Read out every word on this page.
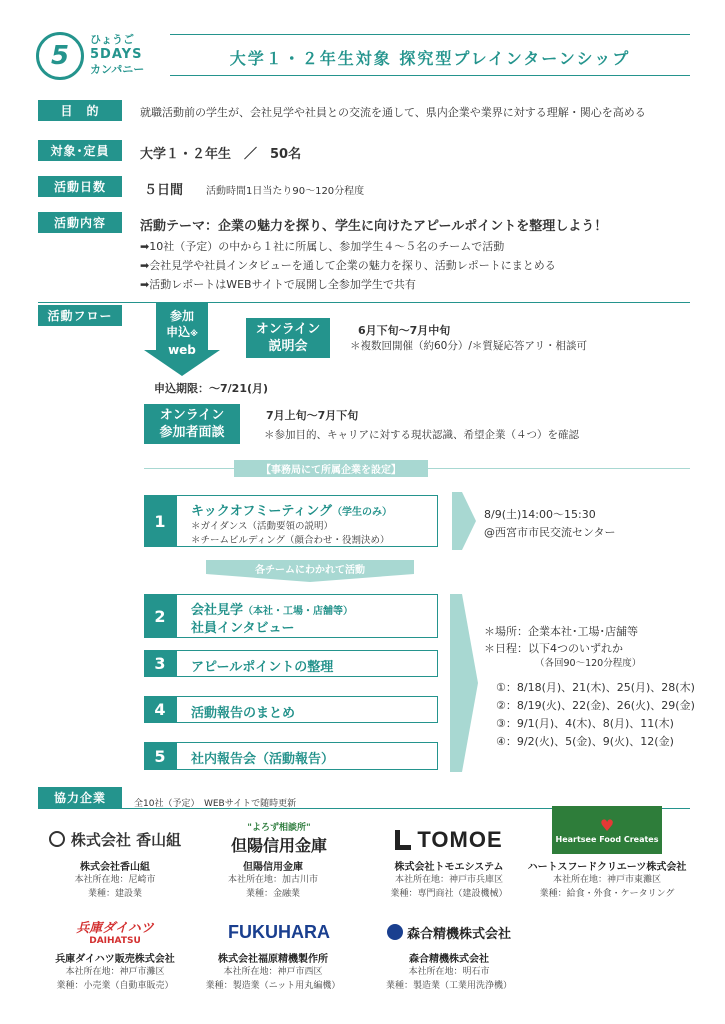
5
ひょうご
5DAYS
カンパニー
大学１・２年生対象 探究型プレインターンシップ
目　的	就職活動前の学生が、会社見学や社員との交流を通して、県内企業や業界に対する理解・関心を高める
対象･定員	大学１・２年生　／　50名
活動日数	５日間 活動時間1日当たり90～120分程度
活動内容	活動テーマ：企業の魅力を探り、学生に向けたアピールポイントを整理しよう！
➡10社（予定）の中から１社に所属し、参加学生４～５名のチームで活動
➡会社見学や社員インタビューを通して企業の魅力を探り、活動レポートにまとめる
➡活動レポートはWEBサイトで展開し全参加学生で共有
活動フロー	参加
申込※
web
オンライン
説明会
6月下旬～7月中旬
＊複数回開催（約60分）/＊質疑応答アリ・相談可
申込期限：～7/21(月)
オンライン
参加者面談
7月上旬～7月下旬
＊参加目的、キャリアに対する現状認識、希望企業（４つ）を確認
【事務局にて所属企業を設定】
1	キックオフミーティング（学生のみ）
＊ガイダンス（活動要領の説明）
＊チームビルディング（顔合わせ・役割決め）
8/9(土)14:00～15:30
@西宮市市民交流センター
各チームにわかれて活動
2	会社見学（本社・工場・店舗等）
社員インタビュー
3	アピールポイントの整理
4	活動報告のまとめ
5	社内報告会（活動報告）
＊場所：企業本社･工場･店舗等
＊日程：以下4つのいずれか
（各回90～120分程度）
①：8/18(月)、21(木)、25(月)、28(木)
②：8/19(火)、22(金)、26(火)、29(金)
③：9/1(月)、4(木)、8(月)、11(木)
④：9/2(火)、5(金)、9(火)、12(金)
協力企業	全10社（予定）　WEBサイトで随時更新
株式会社 香山組
"よろず相談所"
但陽信用金庫	TOMOE
♥
Heartsee Food Creates
株式会社香山組
本社所在地：尼崎市
業種：建設業
但陽信用金庫
本社所在地：加古川市
業種：金融業
株式会社トモエシステム
本社所在地：神戸市兵庫区
業種：専門商社（建設機械）
ハートスフードクリエーツ株式会社
本社所在地：神戸市東灘区
業種：給食・外食・ケータリング
兵庫ダイハツ
DAIHATSU	FUKUHARA	森合精機株式会社
兵庫ダイハツ販売株式会社
本社所在地：神戸市灘区
業種：小売業（自動車販売）
株式会社福原精機製作所
本社所在地：神戸市西区
業種：製造業（ニット用丸編機）
森合精機株式会社
本社所在地：明石市
業種：製造業（工業用洗浄機）
